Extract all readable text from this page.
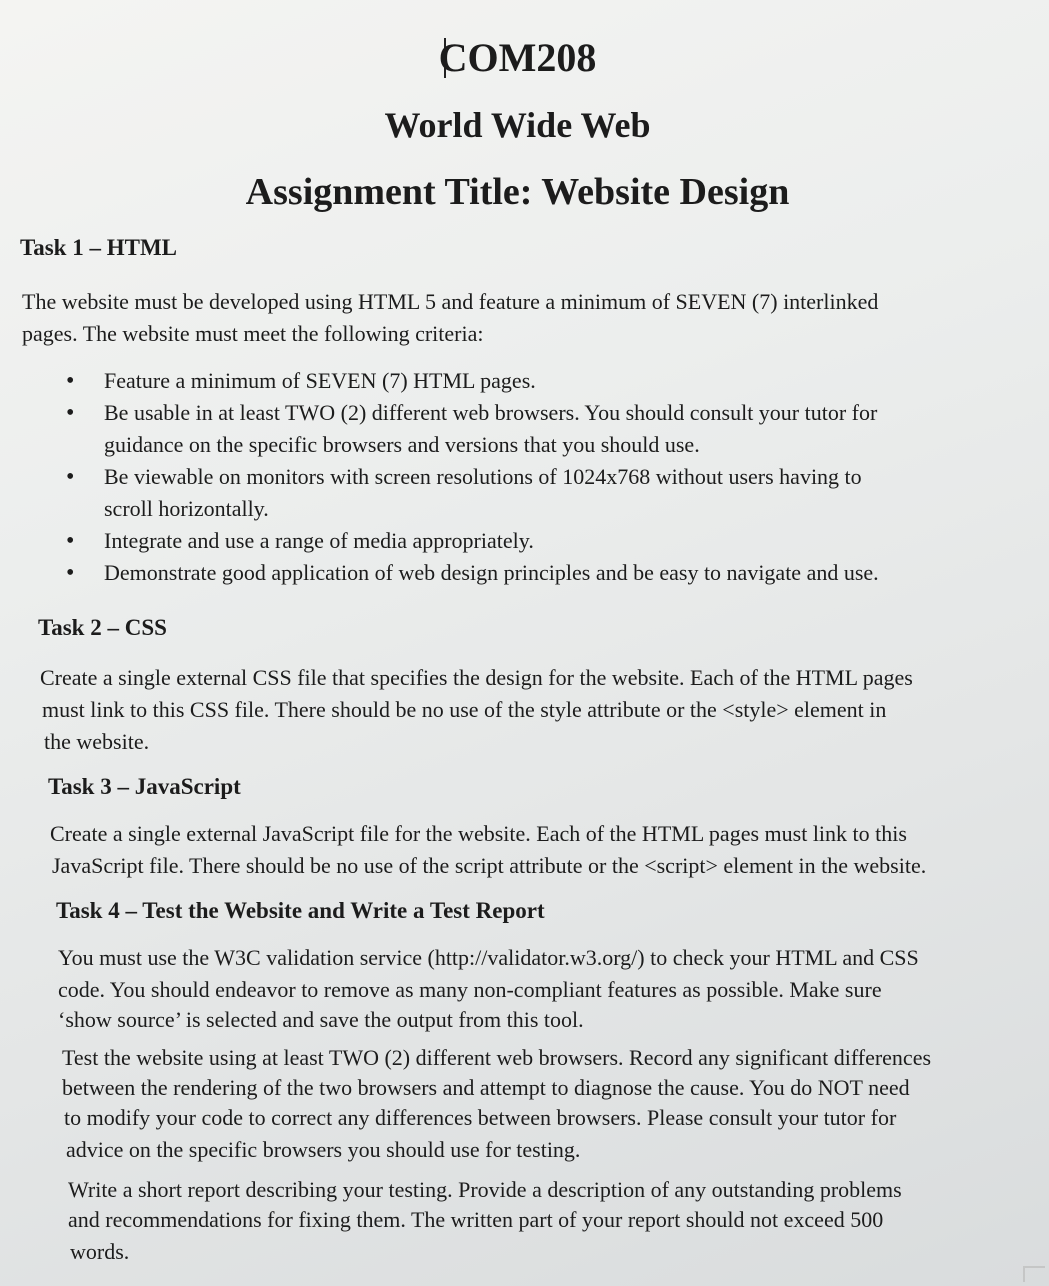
COM208
World Wide Web
Assignment Title: Website Design
Task 1 – HTML
The website must be developed using HTML 5 and feature a minimum of SEVEN (7) interlinked
pages. The website must meet the following criteria:
• Feature a minimum of SEVEN (7) HTML pages.
• Be usable in at least TWO (2) different web browsers. You should consult your tutor for
guidance on the specific browsers and versions that you should use.
• Be viewable on monitors with screen resolutions of 1024x768 without users having to
scroll horizontally.
• Integrate and use a range of media appropriately.
• Demonstrate good application of web design principles and be easy to navigate and use.
Task 2 – CSS
Create a single external CSS file that specifies the design for the website. Each of the HTML pages
must link to this CSS file. There should be no use of the style attribute or the <style> element in
the website.
Task 3 – JavaScript
Create a single external JavaScript file for the website. Each of the HTML pages must link to this
JavaScript file. There should be no use of the script attribute or the <script> element in the website.
Task 4 – Test the Website and Write a Test Report
You must use the W3C validation service (http://validator.w3.org/) to check your HTML and CSS
code. You should endeavor to remove as many non-compliant features as possible. Make sure
‘show source’ is selected and save the output from this tool.
Test the website using at least TWO (2) different web browsers. Record any significant differences
between the rendering of the two browsers and attempt to diagnose the cause. You do NOT need
to modify your code to correct any differences between browsers. Please consult your tutor for
advice on the specific browsers you should use for testing.
Write a short report describing your testing. Provide a description of any outstanding problems
and recommendations for fixing them. The written part of your report should not exceed 500
words.
